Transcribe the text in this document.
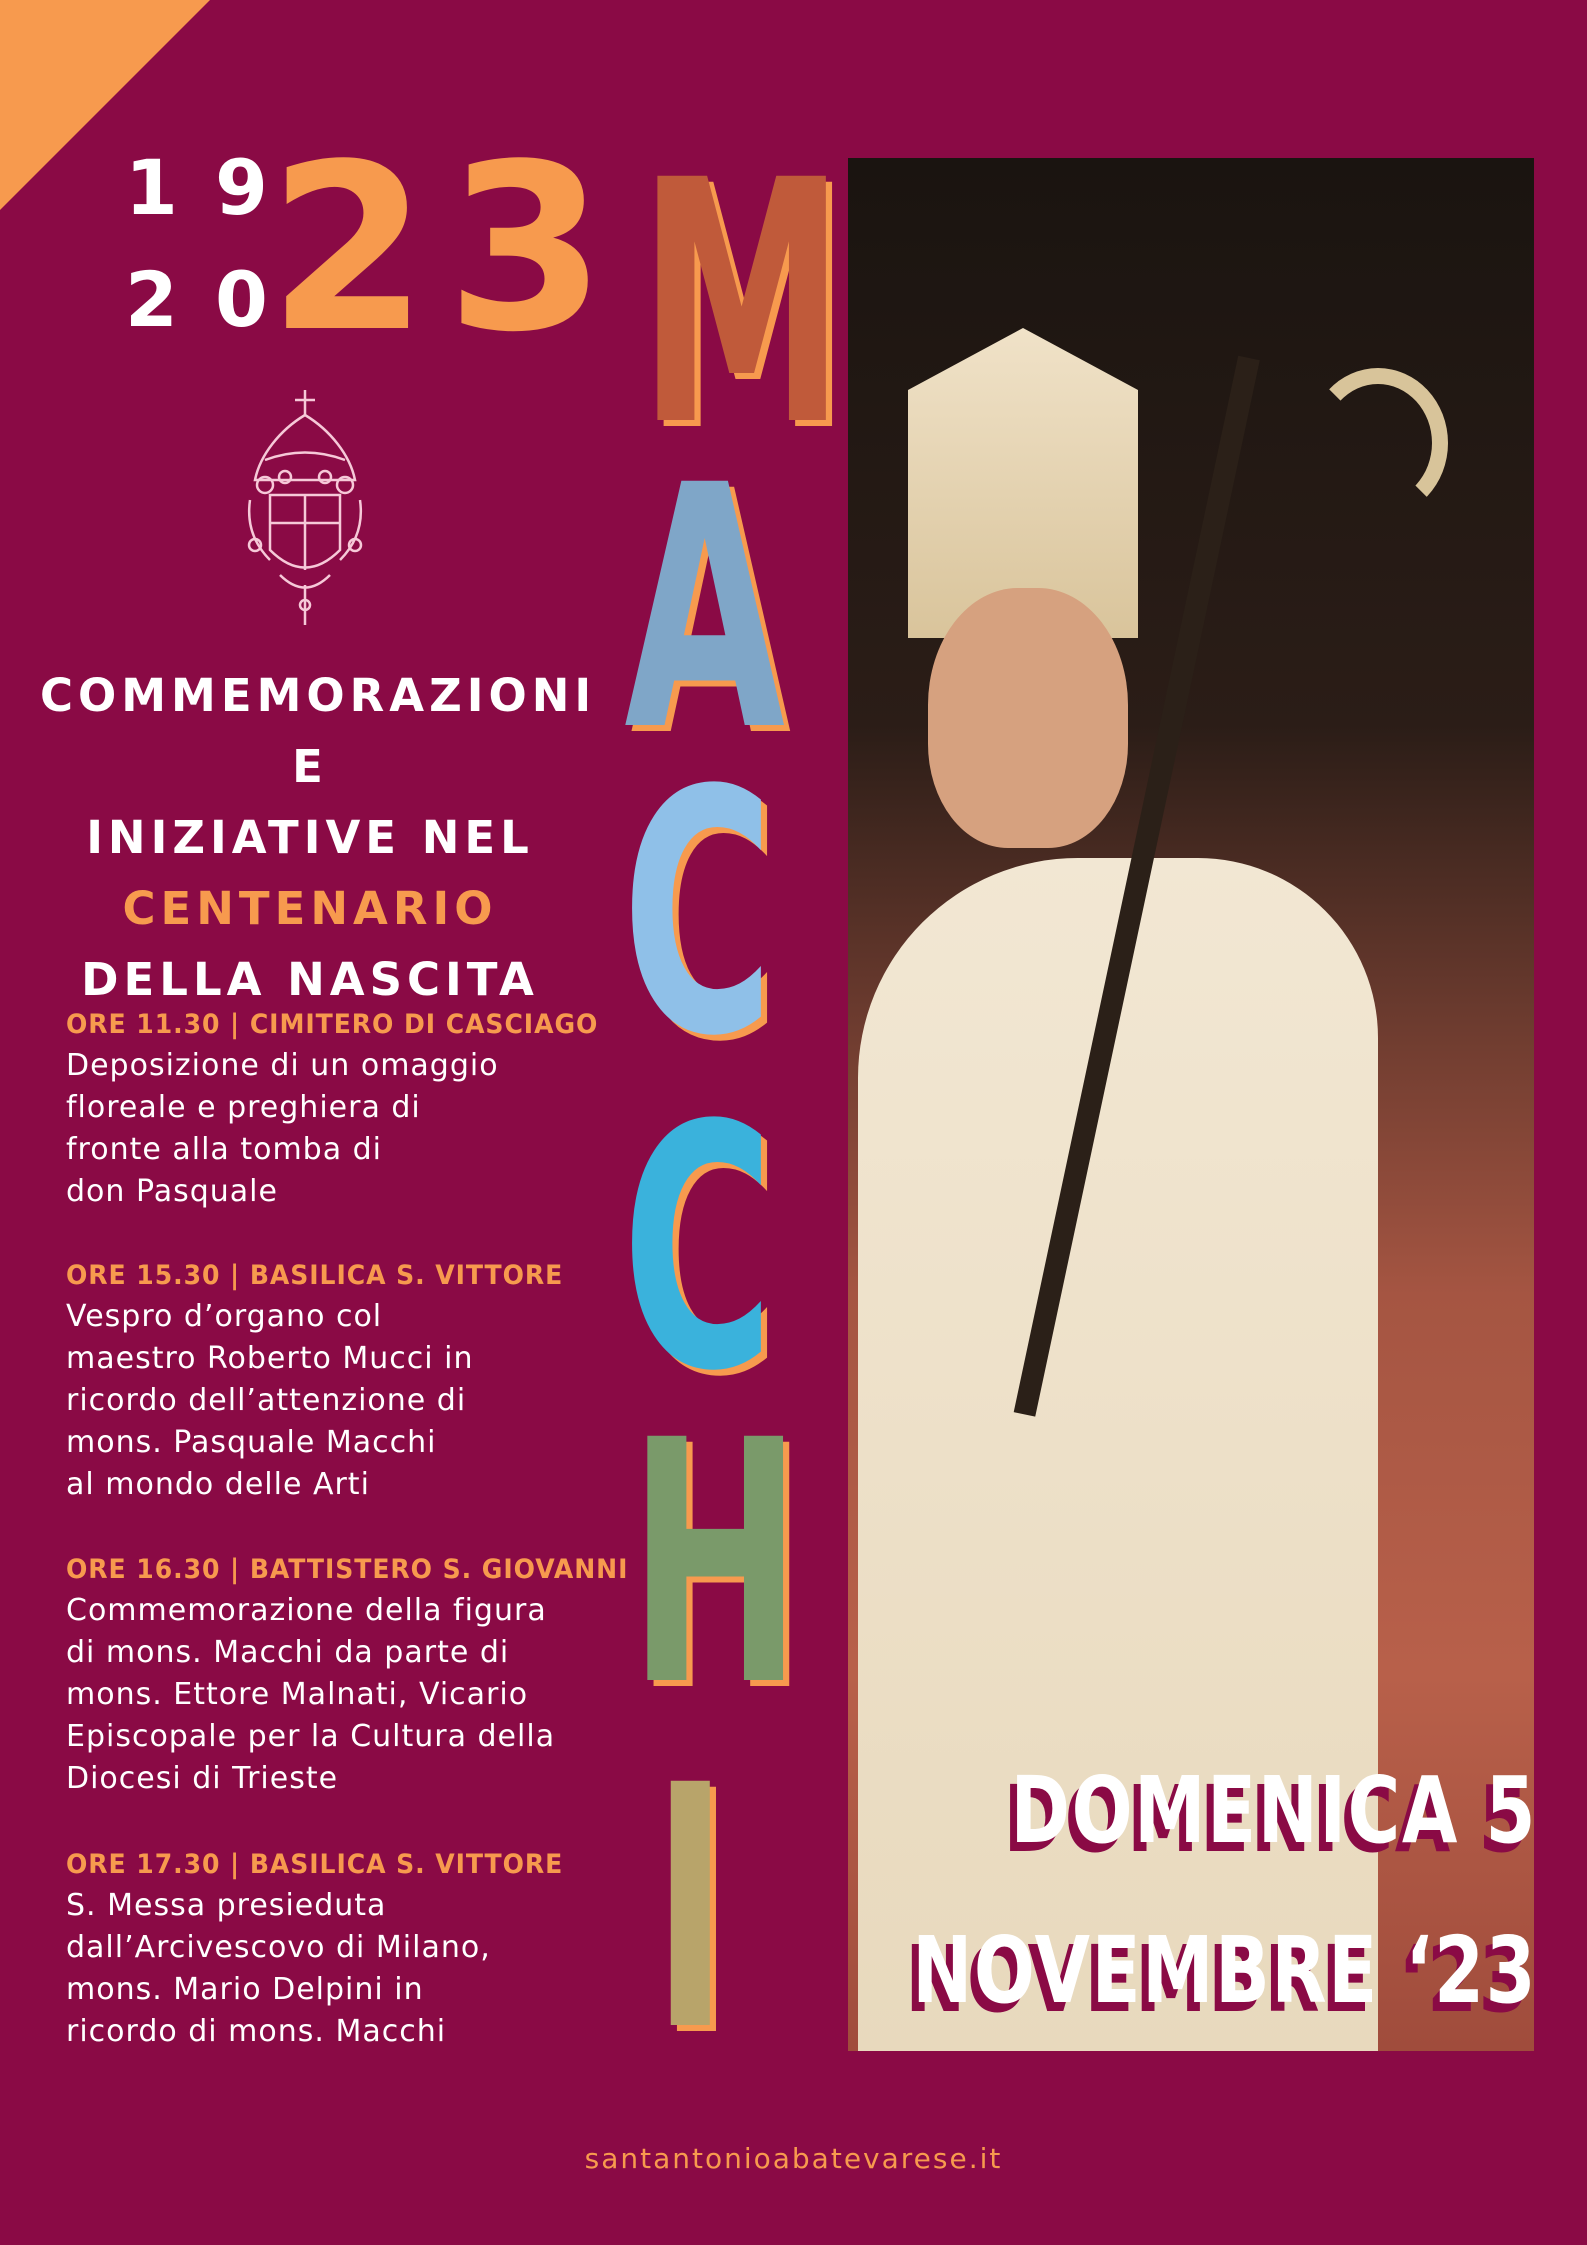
1 9
2 0 23
COMMEMORAZIONI E
INIZIATIVE NEL
CENTENARIO
DELLA NASCITA
ORE 11.30 | CIMITERO DI CASCIAGO
Deposizione di un omaggio
floreale e preghiera di
fronte alla tomba di
don Pasquale
ORE 15.30 | BASILICA S. VITTORE
Vespro d’organo col
maestro Roberto Mucci in
ricordo dell’attenzione di
mons. Pasquale Macchi
al mondo delle Arti
ORE 16.30 | BATTISTERO S. GIOVANNI
Commemorazione della figura
di mons. Macchi da parte di
mons. Ettore Malnati, Vicario
Episcopale per la Cultura della
Diocesi di Trieste
ORE 17.30 | BASILICA S. VITTORE
S. Messa presieduta
dall’Arcivescovo di Milano,
mons. Mario Delpini in
ricordo di mons. Macchi
M
A
C
C
H
I	DOMENICA 5
NOVEMBRE ‘23
santantonioabatevarese.it
